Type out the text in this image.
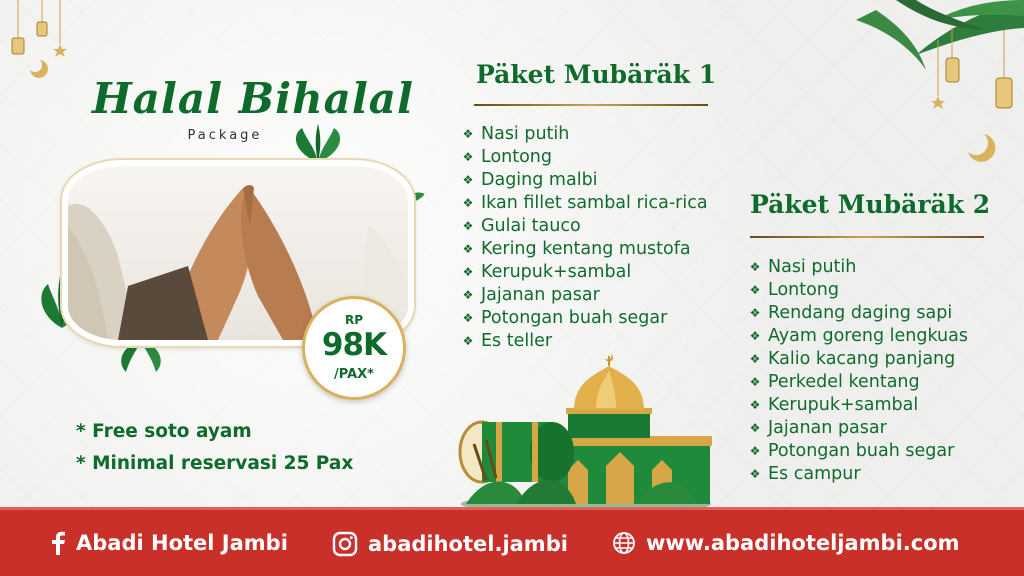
Halal Bihalal
Package
RP
98K
/PAX*
* Free soto ayam
* Minimal reservasi 25 Pax
Päket Mubäräk 1
❖ Nasi putih
❖ Lontong
❖ Daging malbi
❖ Ikan fillet sambal rica-rica
❖ Gulai tauco
❖ Kering kentang mustofa
❖ Kerupuk+sambal
❖ Jajanan pasar
❖ Potongan buah segar
❖ Es teller
Päket Mubäräk 2
❖ Nasi putih
❖ Lontong
❖ Rendang daging sapi
❖ Ayam goreng lengkuas
❖ Kalio kacang panjang
❖ Perkedel kentang
❖ Kerupuk+sambal
❖ Jajanan pasar
❖ Potongan buah segar
❖ Es campur
Abadi Hotel Jambi	abadihotel.jambi	www.abadihoteljambi.com
